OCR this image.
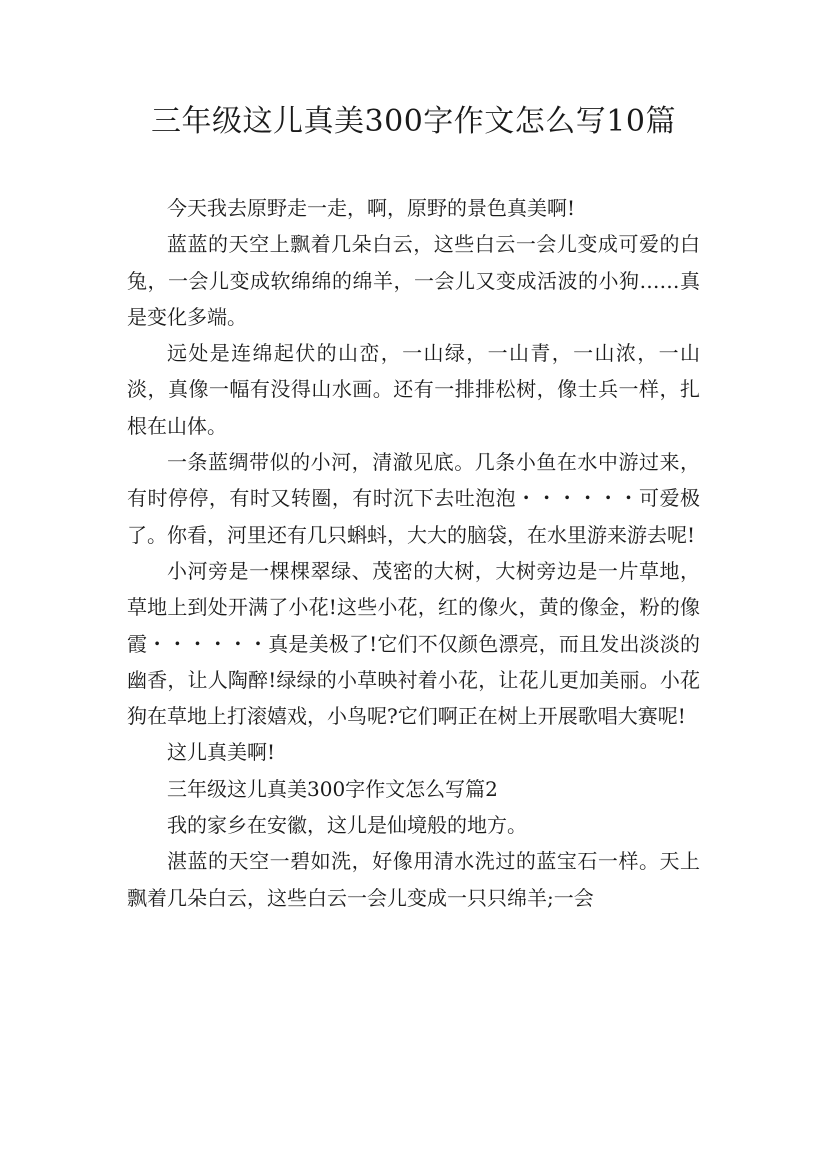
三年级这儿真美300字作文怎么写10篇

今天我去原野走一走，啊，原野的景色真美啊!

蓝蓝的天空上飘着几朵白云，这些白云一会儿变成可爱的白兔，一会儿变成软绵绵的绵羊，一会儿又变成活波的小狗……真是变化多端。

远处是连绵起伏的山峦，一山绿，一山青，一山浓，一山淡，真像一幅有没得山水画。还有一排排松树，像士兵一样，扎根在山体。

一条蓝绸带似的小河，清澈见底。几条小鱼在水中游过来，有时停停，有时又转圈，有时沉下去吐泡泡・・・・・・可爱极了。你看，河里还有几只蝌蚪，大大的脑袋，在水里游来游去呢!

小河旁是一棵棵翠绿、茂密的大树，大树旁边是一片草地，草地上到处开满了小花!这些小花，红的像火，黄的像金，粉的像霞・・・・・・真是美极了!它们不仅颜色漂亮，而且发出淡淡的幽香，让人陶醉!绿绿的小草映衬着小花，让花儿更加美丽。小花狗在草地上打滚嬉戏，小鸟呢?它们啊正在树上开展歌唱大赛呢!

这儿真美啊!

三年级这儿真美300字作文怎么写篇2

我的家乡在安徽，这儿是仙境般的地方。

湛蓝的天空一碧如洗，好像用清水洗过的蓝宝石一样。天上飘着几朵白云，这些白云一会儿变成一只只绵羊;一会
